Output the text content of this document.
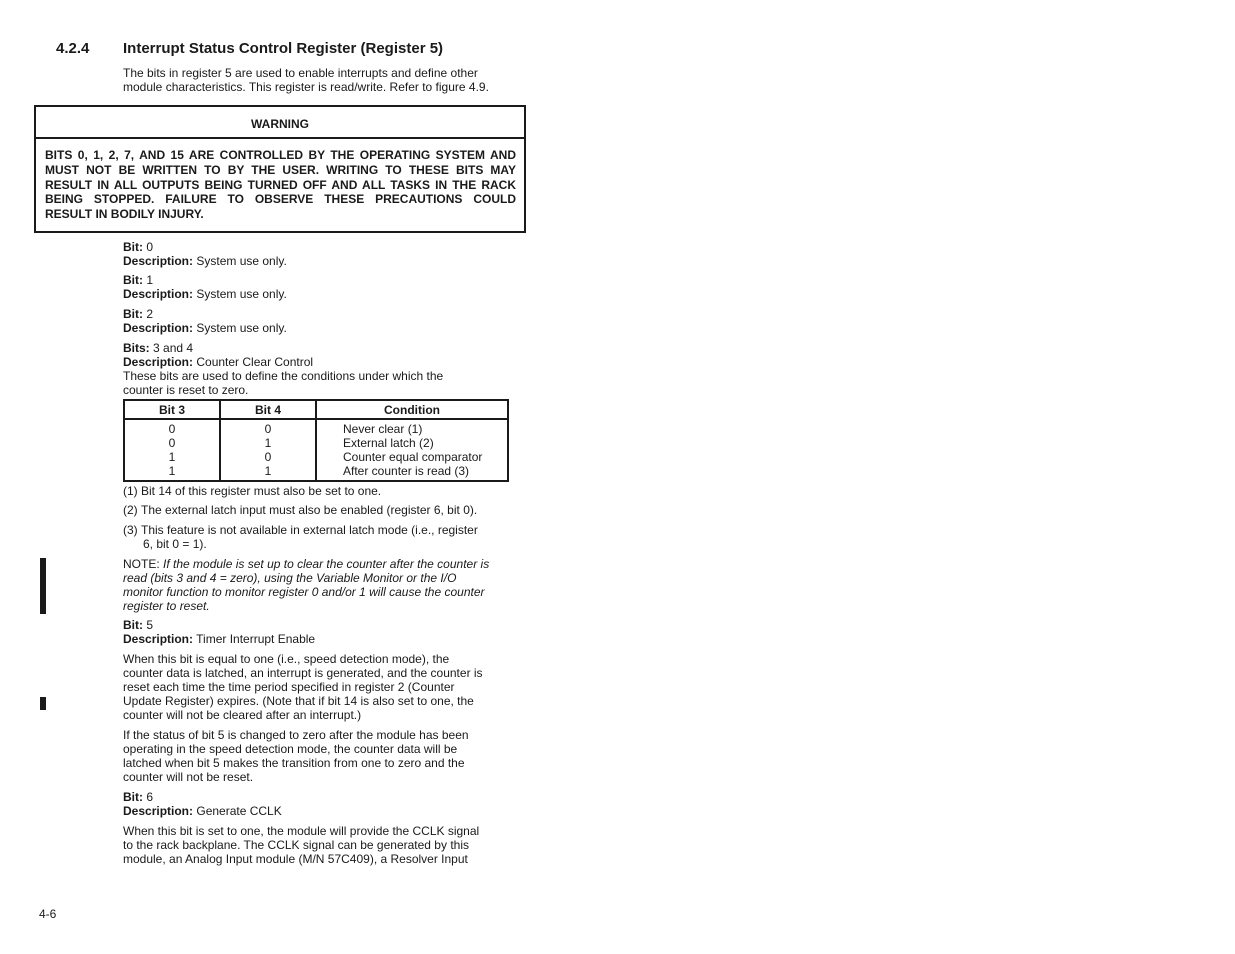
4.2.4 Interrupt Status Control Register (Register 5)
The bits in register 5 are used to enable interrupts and define other
module characteristics. This register is read/write. Refer to figure 4.9.
WARNING
BITS 0, 1, 2, 7, AND 15 ARE CONTROLLED BY THE OPERATING SYSTEM AND
MUST NOT BE WRITTEN TO BY THE USER. WRITING TO THESE BITS MAY
RESULT IN ALL OUTPUTS BEING TURNED OFF AND ALL TASKS IN THE RACK
BEING STOPPED. FAILURE TO OBSERVE THESE PRECAUTIONS COULD
RESULT IN BODILY INJURY.
Bit: 0
Description: System use only.
Bit: 1
Description: System use only.
Bit: 2
Description: System use only.
Bits: 3 and 4
Description: Counter Clear Control
These bits are used to define the conditions under which the
counter is reset to zero.
Bit 3	Bit 4	Condition
0
0
1
1
0
1
0
1
Never clear (1)
External latch (2)
Counter equal comparator
After counter is read (3)
(1) Bit 14 of this register must also be set to one.
(2) The external latch input must also be enabled (register 6, bit 0).
(3) This feature is not available in external latch mode (i.e., register
6, bit 0 = 1).
NOTE: If the module is set up to clear the counter after the counter is
read (bits 3 and 4 = zero), using the Variable Monitor or the I/O
monitor function to monitor register 0 and/or 1 will cause the counter
register to reset.
Bit: 5
Description: Timer Interrupt Enable
When this bit is equal to one (i.e., speed detection mode), the
counter data is latched, an interrupt is generated, and the counter is
reset each time the time period specified in register 2 (Counter
Update Register) expires. (Note that if bit 14 is also set to one, the
counter will not be cleared after an interrupt.)
If the status of bit 5 is changed to zero after the module has been
operating in the speed detection mode, the counter data will be
latched when bit 5 makes the transition from one to zero and the
counter will not be reset.
Bit: 6
Description: Generate CCLK
When this bit is set to one, the module will provide the CCLK signal
to the rack backplane. The CCLK signal can be generated by this
module, an Analog Input module (M/N 57C409), a Resolver Input
4-6
